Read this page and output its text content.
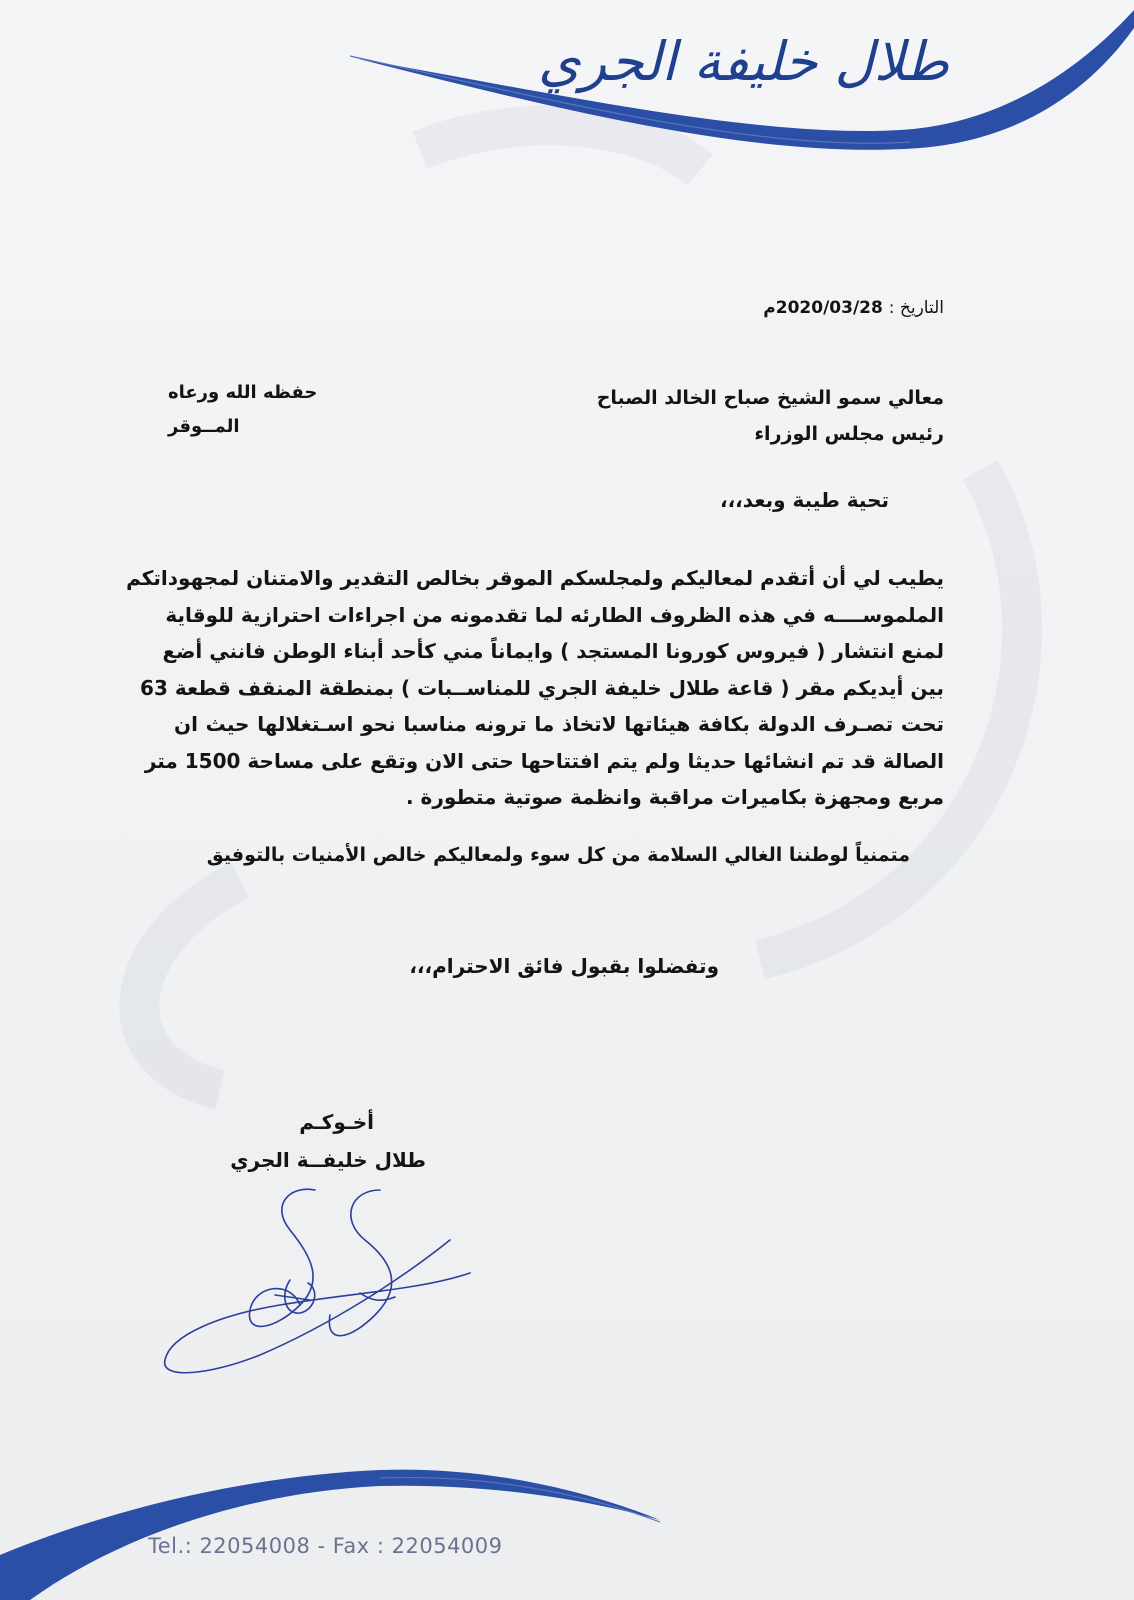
طلال خليفة الجري
التاريخ : 2020/03/28م
معالي سمو الشيخ صباح الخالد الصباح
رئيس مجلس الوزراء
حفظه الله ورعاه
المــوقر
تحية طيبة وبعد،،،
يطيب لي أن أتقدم لمعاليكم ولمجلسكم الموقر بخالص التقدير والامتنان لمجهوداتكم
الملموســــه في هذه الظروف الطارئه لما تقدمونه من اجراءات احترازية للوقاية
لمنع انتشار ( فيروس كورونا المستجد ) وايماناً مني كأحد أبناء الوطن فانني أضع
بين أيديكم مقر ( قاعة طلال خليفة الجري للمناســبات ) بمنطقة المنقف قطعة 63
تحت تصـرف الدولة بكافة هيئاتها لاتخاذ ما ترونه مناسبا نحو اسـتغلالها حيث ان
الصالة قد تم انشائها حديثا ولم يتم افتتاحها حتى الان وتقع على مساحة 1500 متر
مربع ومجهزة بكاميرات مراقبة وانظمة صوتية متطورة .
متمنياً لوطننا الغالي السلامة من كل سوء ولمعاليكم خالص الأمنيات بالتوفيق
وتفضلوا بقبول فائق الاحترام،،،
أخـوكـم
طلال خليفــة الجري
Tel.: 22054008 - Fax : 22054009
